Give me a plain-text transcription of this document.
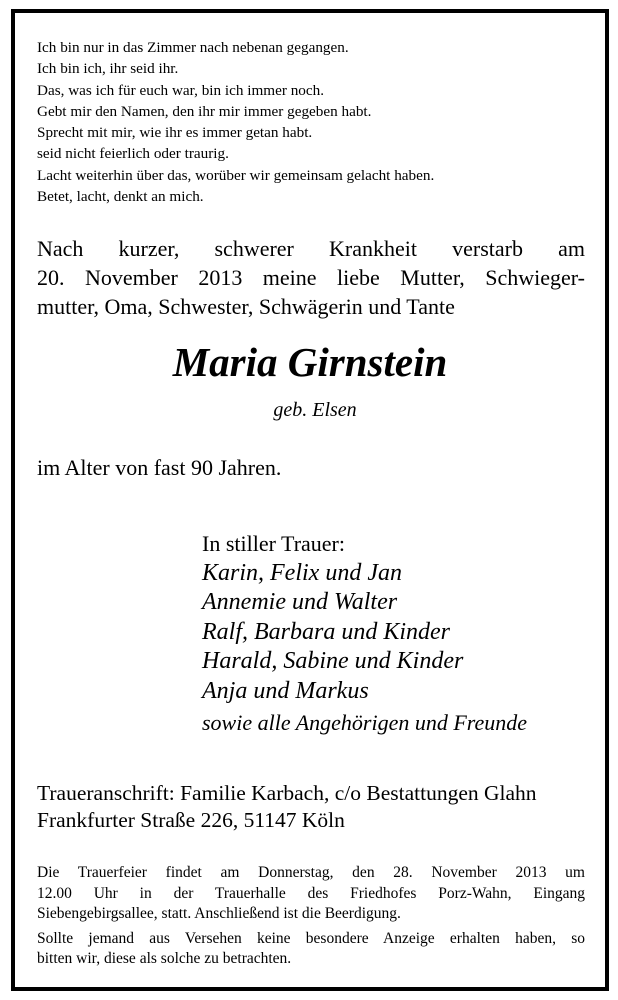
Ich bin nur in das Zimmer nach nebenan gegangen.
Ich bin ich, ihr seid ihr.
Das, was ich für euch war, bin ich immer noch.
Gebt mir den Namen, den ihr mir immer gegeben habt.
Sprecht mit mir, wie ihr es immer getan habt.
seid nicht feierlich oder traurig.
Lacht weiterhin über das, worüber wir gemeinsam gelacht haben.
Betet, lacht, denkt an mich.

Nach kurzer, schwerer Krankheit verstarb am
20. November 2013 meine liebe Mutter, Schwieger-
mutter, Oma, Schwester, Schwägerin und Tante

Maria Girnstein

geb. Elsen

im Alter von fast 90 Jahren.

In stiller Trauer:
Karin, Felix und Jan
Annemie und Walter
Ralf, Barbara und Kinder
Harald, Sabine und Kinder
Anja und Markus
sowie alle Angehörigen und Freunde

Traueranschrift: Familie Karbach, c/o Bestattungen Glahn
Frankfurter Straße 226, 51147 Köln

Die Trauerfeier findet am Donnerstag, den 28. November 2013 um
12.00 Uhr in der Trauerhalle des Friedhofes Porz-Wahn, Eingang
Siebengebirgsallee, statt. Anschließend ist die Beerdigung.
Sollte jemand aus Versehen keine besondere Anzeige erhalten haben, so
bitten wir, diese als solche zu betrachten.
